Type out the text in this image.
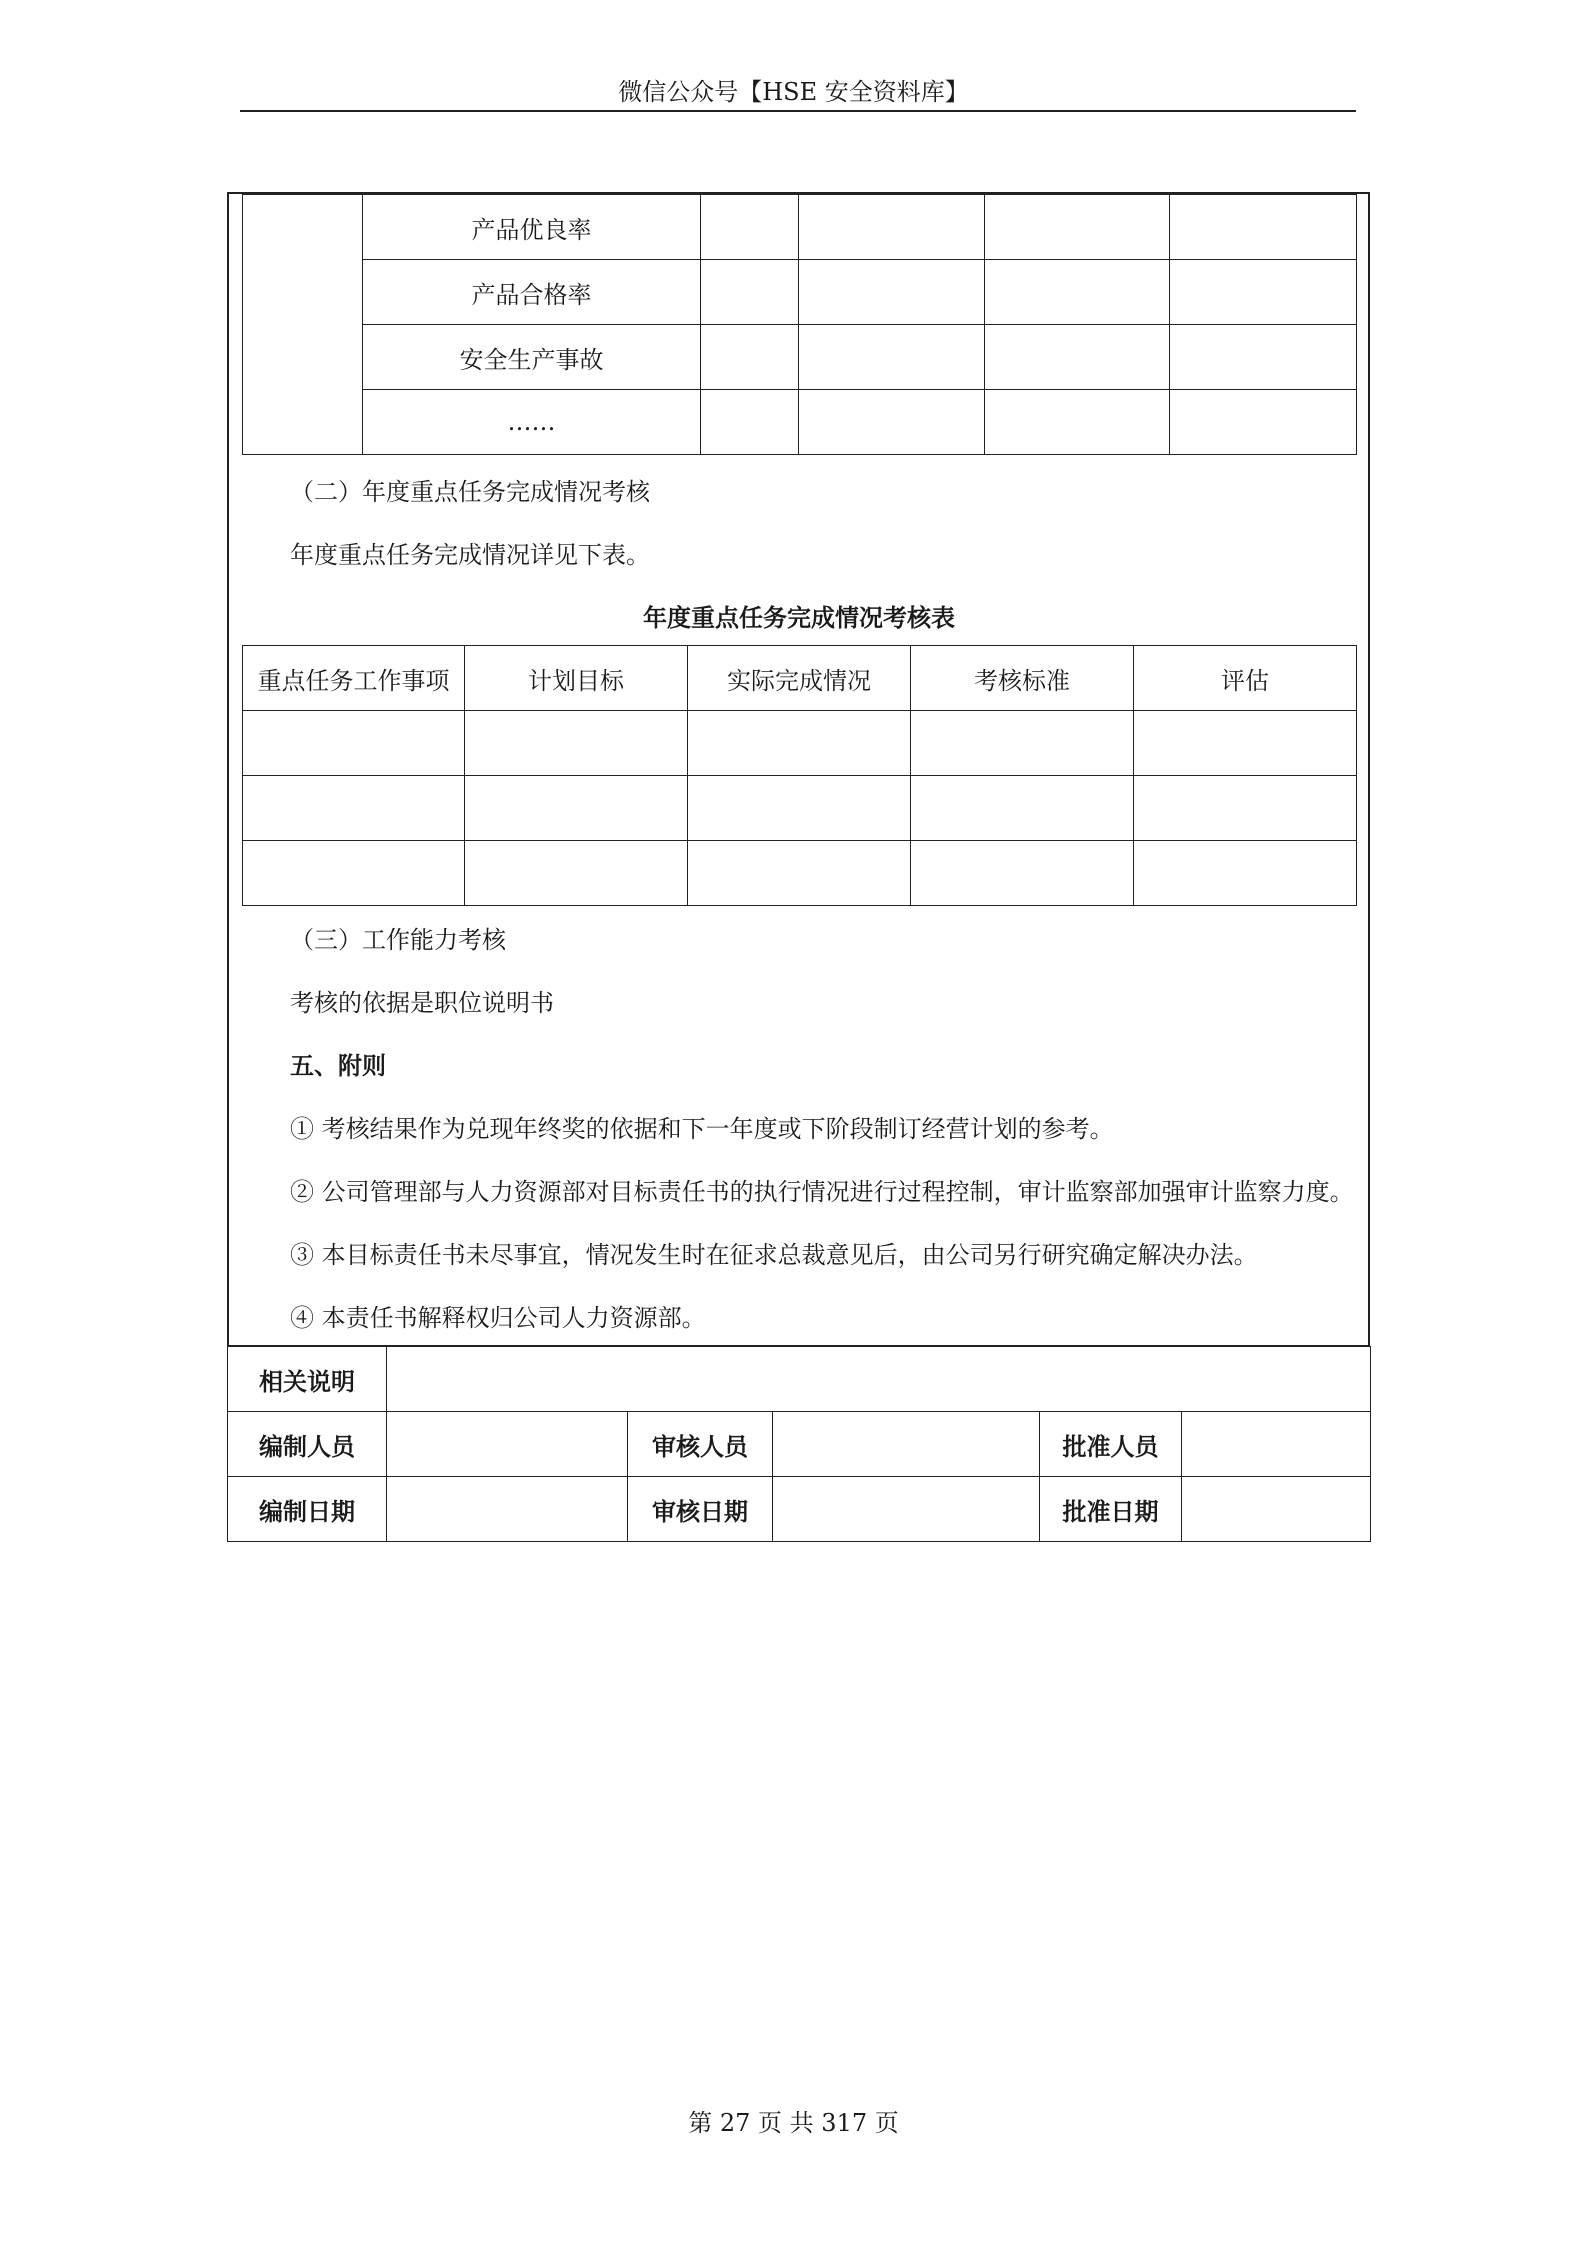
微信公众号【HSE 安全资料库】
	产品优良率				
	产品合格率				
	安全生产事故				
	……				
（二）年度重点任务完成情况考核
年度重点任务完成情况详见下表。
年度重点任务完成情况考核表
重点任务工作事项	计划目标	实际完成情况	考核标准	评估

（三）工作能力考核
考核的依据是职位说明书
五、附则
① 考核结果作为兑现年终奖的依据和下一年度或下阶段制订经营计划的参考。
② 公司管理部与人力资源部对目标责任书的执行情况进行过程控制，审计监察部加强审计监察力度。
③ 本目标责任书未尽事宜，情况发生时在征求总裁意见后，由公司另行研究确定解决办法。
④ 本责任书解释权归公司人力资源部。
相关说明					
编制人员		审核人员		批准人员	
编制日期		审核日期		批准日期	
第 27 页 共 317 页
